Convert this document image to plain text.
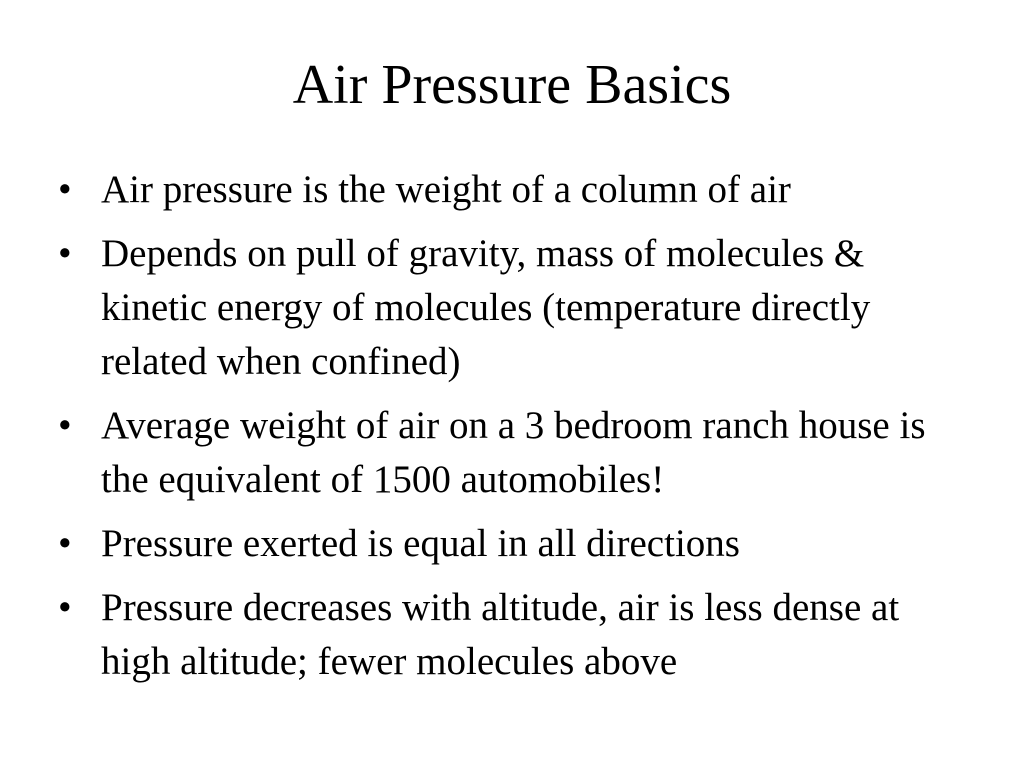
Air Pressure Basics
• Air pressure is the weight of a column of air
• Depends on pull of gravity, mass of molecules & kinetic energy of molecules (temperature directly related when confined)
• Average weight of air on a 3 bedroom ranch house is the equivalent of 1500 automobiles!
• Pressure exerted is equal in all directions
• Pressure decreases with altitude, air is less dense at high altitude; fewer molecules above
